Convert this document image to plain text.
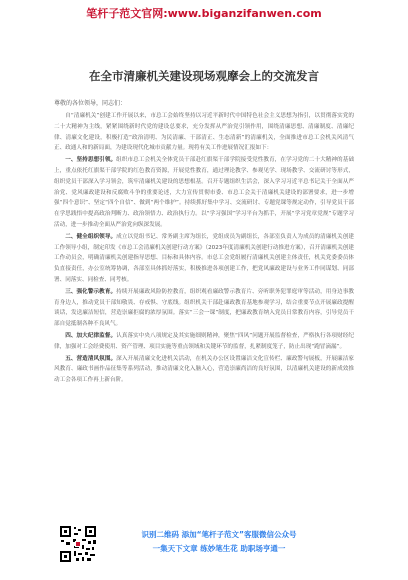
笔杆子范文官网:www.biganzifanwen.com
在全市清廉机关建设现场观摩会上的交流发言
尊敬的各位领导，同志们：
自“清廉机关”创建工作开展以来，市总工会始终坚持以习近平新时代中国特色社会主义思想为指引，以贯彻落实党的二十大精神为主线，紧紧围绕新时代党的建设总要求，充分发挥从严治党引领作用，围绕清廉思想、清廉制度、清廉纪律、清廉文化建设，积极打造“政治清明、为民清廉、干部清正、生态清新”的清廉机关，全面推进市总工会机关风清气正、政通人和的新局面，为建设现代化城市贡献力量。现将有关工作进展情况汇报如下：
一、坚持思想引领。组织市总工会机关全体党员干部赴红旗渠干部学院接受党性教育，在学习党的二十大精神的基础上，重点依托红旗渠干部学院的红色教育资源，开展党性教育，通过理论教学、参观见学、现场教学、交流研讨等形式，组织党员干部深入学习领会，筑牢清廉机关建设的思想根基。召开专题组织生活会，深入学习习近平总书记关于全面从严治党、党风廉政建设和反腐败斗争的重要论述，大力宣传贯彻市委、市总工会关于清廉机关建设的部署要求，进一步增强“四个意识”、坚定“四个自信”、做到“两个维护”。持续抓好集中学习、交流研讨、专题党课等规定动作，引导党员干部在学思践悟中提高政治判断力、政治领悟力、政治执行力。以“学习强国”学习平台为抓手，开展“学习党章党规”专题学习活动，进一步推动全面从严治党向纵深发展。
二、健全组织领导。成立以党组书记、常务副主席为组长，党组成员为副组长，各部室负责人为成员的清廉机关创建工作领导小组，制定印发《市总工会清廉机关创建行动方案》（2023年度清廉机关创建行动推进方案），召开清廉机关创建工作动员会，明确清廉机关创建指导思想、目标和具体内容。市总工会党组履行清廉机关创建主体责任，机关党委委员体负直接责任，办公室统筹协调，各部室具体抓好落实，积极推进各项创建工作，把党风廉政建设与业务工作同谋划、同部署、同落实、同检查、同考核。
三、强化警示教育。持续开展廉政风险防控教育，组织观看廉政警示教育片、旁听职务犯罪庭审等活动，用身边事教育身边人，推动党员干部知敬畏、存戒惧、守底线。组织机关干部赴廉政教育基地参观学习，结合重要节点开展廉政提醒谈话，发送廉洁短信，营造崇廉拒腐的浓厚氛围。落实“三会一课”制度，把廉政教育纳入党员日常教育内容，引导党员干部自觉抵制各种不良风气。
四、加大纪律监督。认真落实中央八项规定及其实施细则精神，聚焦“四风”问题开展监督检查，严格执行各项财经纪律，加强对工会经费使用、资产管理、项目实施等重点领域和关键环节的监督，扎紧制度笼子，防止出现“跑冒滴漏”。
五、营造清风氛围。深入开展清廉文化进机关活动，在机关办公区设置廉洁文化宣传栏、廉政警句展板，开展廉洁家风教育、廉政书画作品征集等系列活动，推动清廉文化入脑入心，营造崇廉尚洁的良好氛围，以清廉机关建设的新成效推动工会各项工作再上新台阶。
识别二维码 添加“笔杆子范文”客服微信公众号
一集天下文章 练妙笔生花 助职场亨通一
